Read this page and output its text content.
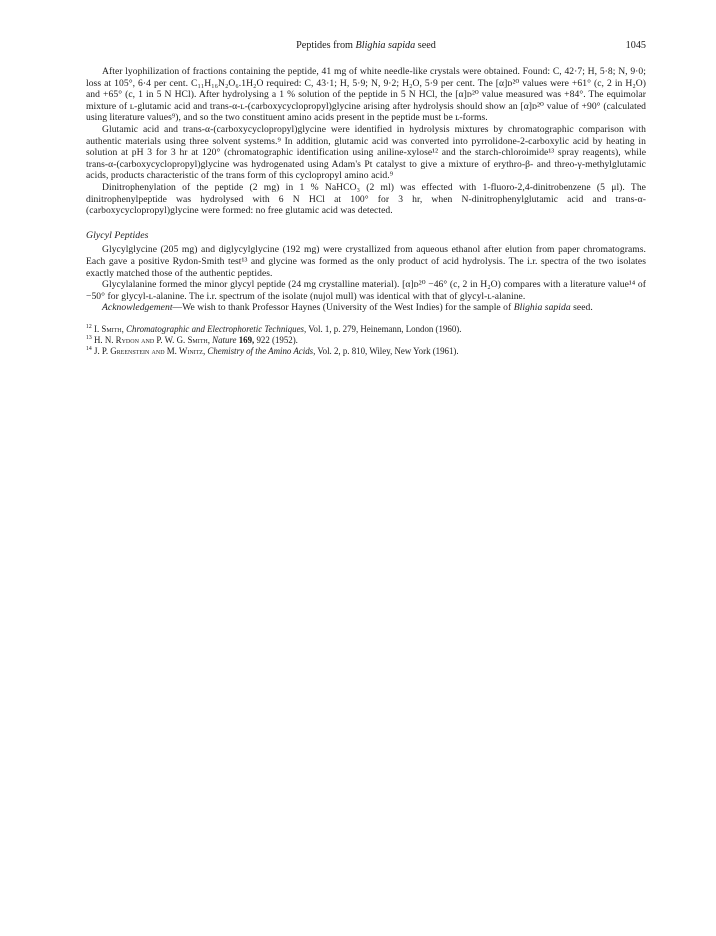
Peptides from Blighia sapida seed	1045

After lyophilization of fractions containing the peptide, 41 mg of white needle-like crystals were obtained. Found: C, 42·7; H, 5·8; N, 9·0; loss at 105°, 6·4 per cent. C₁₁H₁₆N₂O₆.1H₂O required: C, 43·1; H, 5·9; N, 9·2; H₂O, 5·9 per cent. The [α]ᴅ²⁰ values were +61° (c, 2 in H₂O) and +65° (c, 1 in 5 N HCl). After hydrolysing a 1 % solution of the peptide in 5 N HCl, the [α]ᴅ²⁰ value measured was +84°. The equimolar mixture of ʟ-glutamic acid and trans-α-ʟ-(carboxycyclopropyl)glycine arising after hydrolysis should show an [α]ᴅ²⁰ value of +90° (calculated using literature values⁹), and so the two constituent amino acids present in the peptide must be ʟ-forms.

Glutamic acid and trans-α-(carboxycyclopropyl)glycine were identified in hydrolysis mixtures by chromatographic comparison with authentic materials using three solvent systems.⁹ In addition, glutamic acid was converted into pyrrolidone-2-carboxylic acid by heating in solution at pH 3 for 3 hr at 120° (chromatographic identification using aniline-xylose¹² and the starch-chloroimide¹³ spray reagents), while trans-α-(carboxycyclopropyl)glycine was hydrogenated using Adam's Pt catalyst to give a mixture of erythro-β- and threo-γ-methylglutamic acids, products characteristic of the trans form of this cyclopropyl amino acid.⁹

Dinitrophenylation of the peptide (2 mg) in 1 % NaHCO₃ (2 ml) was effected with 1-fluoro-2,4-dinitrobenzene (5 μl). The dinitrophenylpeptide was hydrolysed with 6 N HCl at 100° for 3 hr, when N-dinitrophenylglutamic acid and trans-α-(carboxycyclopropyl)glycine were formed: no free glutamic acid was detected.

Glycyl Peptides

Glycylglycine (205 mg) and diglycylglycine (192 mg) were crystallized from aqueous ethanol after elution from paper chromatograms. Each gave a positive Rydon-Smith test¹³ and glycine was formed as the only product of acid hydrolysis. The i.r. spectra of the two isolates exactly matched those of the authentic peptides.

Glycylalanine formed the minor glycyl peptide (24 mg crystalline material). [α]ᴅ²⁰ −46° (c, 2 in H₂O) compares with a literature value¹⁴ of −50° for glycyl-ʟ-alanine. The i.r. spectrum of the isolate (nujol mull) was identical with that of glycyl-ʟ-alanine.

Acknowledgement—We wish to thank Professor Haynes (University of the West Indies) for the sample of Blighia sapida seed.

$^{12}$ I. Smith, Chromatographic and Electrophoretic Techniques, Vol. 1, p. 279, Heinemann, London (1960).
$^{13}$ H. N. Rydon and P. W. G. Smith, Nature 169, 922 (1952).
$^{14}$ J. P. Greenstein and M. Winitz, Chemistry of the Amino Acids, Vol. 2, p. 810, Wiley, New York (1961).
